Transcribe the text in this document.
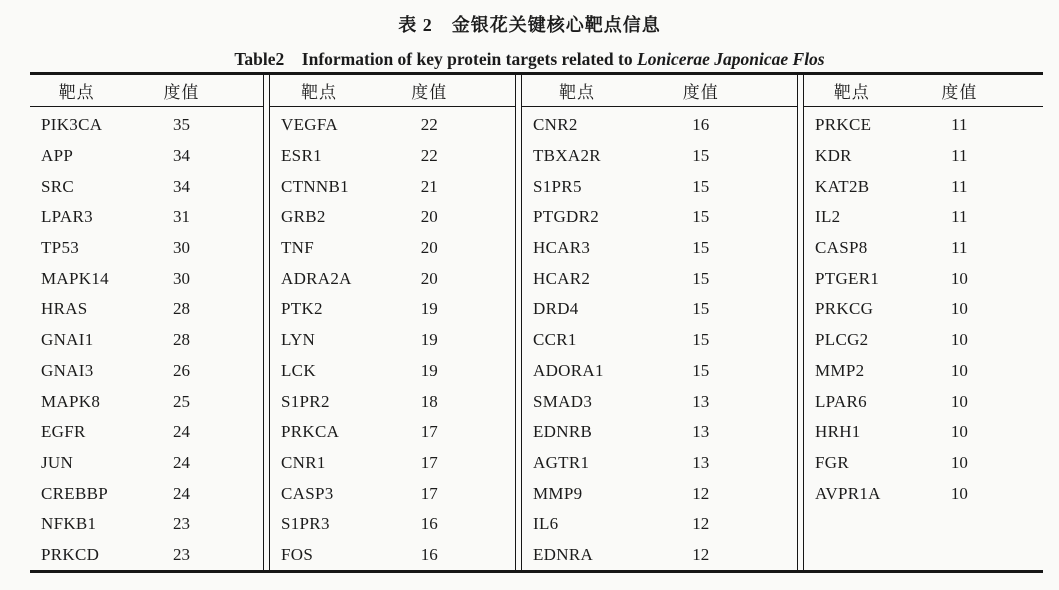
表 2　金银花关键核心靶点信息
Table2　Information of key protein targets related to Lonicerae Japonicae Flos
靶点	度值
PIK3CA	35
APP	34
SRC	34
LPAR3	31
TP53	30
MAPK14	30
HRAS	28
GNAI1	28
GNAI3	26
MAPK8	25
EGFR	24
JUN	24
CREBBP	24
NFKB1	23
PRKCD	23
靶点	度值
VEGFA	22
ESR1	22
CTNNB1	21
GRB2	20
TNF	20
ADRA2A	20
PTK2	19
LYN	19
LCK	19
S1PR2	18
PRKCA	17
CNR1	17
CASP3	17
S1PR3	16
FOS	16
靶点	度值
CNR2	16
TBXA2R	15
S1PR5	15
PTGDR2	15
HCAR3	15
HCAR2	15
DRD4	15
CCR1	15
ADORA1	15
SMAD3	13
EDNRB	13
AGTR1	13
MMP9	12
IL6	12
EDNRA	12
靶点	度值
PRKCE	11
KDR	11
KAT2B	11
IL2	11
CASP8	11
PTGER1	10
PRKCG	10
PLCG2	10
MMP2	10
LPAR6	10
HRH1	10
FGR	10
AVPR1A	10
